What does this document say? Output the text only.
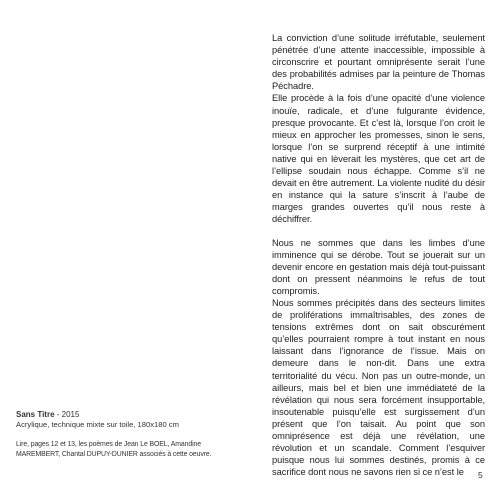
La conviction d’une solitude irréfutable, seulement pénétrée d’une attente inaccessible, impossible à circonscrire et pourtant omniprésente serait l’une des probabilités admises par la peinture de Thomas Péchadre.

Elle procède à la fois d’une opacité d’une violence inouïe, radicale, et d’une fulgurante évidence, presque provocante. Et c’est là, lorsque l’on croit le mieux en approcher les promesses, sinon le sens, lorsque l’on se surprend réceptif à une intimité native qui en lèverait les mystères, que cet art de l’ellipse soudain nous échappe. Comme s’il ne devait en être autrement. La violente nudité du désir en instance qui la sature s’inscrit à l’aube de marges grandes ouvertes qu’il nous reste à déchiffrer.

Nous ne sommes que dans les limbes d’une imminence qui se dérobe. Tout se jouerait sur un devenir encore en gestation mais déjà tout-puissant dont on pressent néanmoins le refus de tout compromis.

Nous sommes précipités dans des secteurs limites de proliférations immaîtrisables, des zones de tensions extrêmes dont on sait obscurément qu’elles pourraient rompre à tout instant en nous laissant dans l’ignorance de l’issue. Mais on demeure dans le non-dit. Dans une extra territorialité du vécu. Non pas un outre-monde, un ailleurs, mais bel et bien une immédiateté de la révélation qui nous sera forcément insupportable, insoutenable puisqu’elle est surgissement d’un présent que l’on taisait. Au point que son omniprésence est déjà une révélation, une révolution et un scandale. Comment l’esquiver puisque nous lui sommes destinés, promis à ce sacrifice dont nous ne savons rien si ce n’est le

Sans Titre - 2015
Acrylique, technique mixte sur toile, 180x180 cm
Lire, pages 12 et 13, les poèmes de Jean Le BOEL, Amandine MAREMBERT, Chantal DUPUY-DUNIER associés à cette oeuvre.
5
